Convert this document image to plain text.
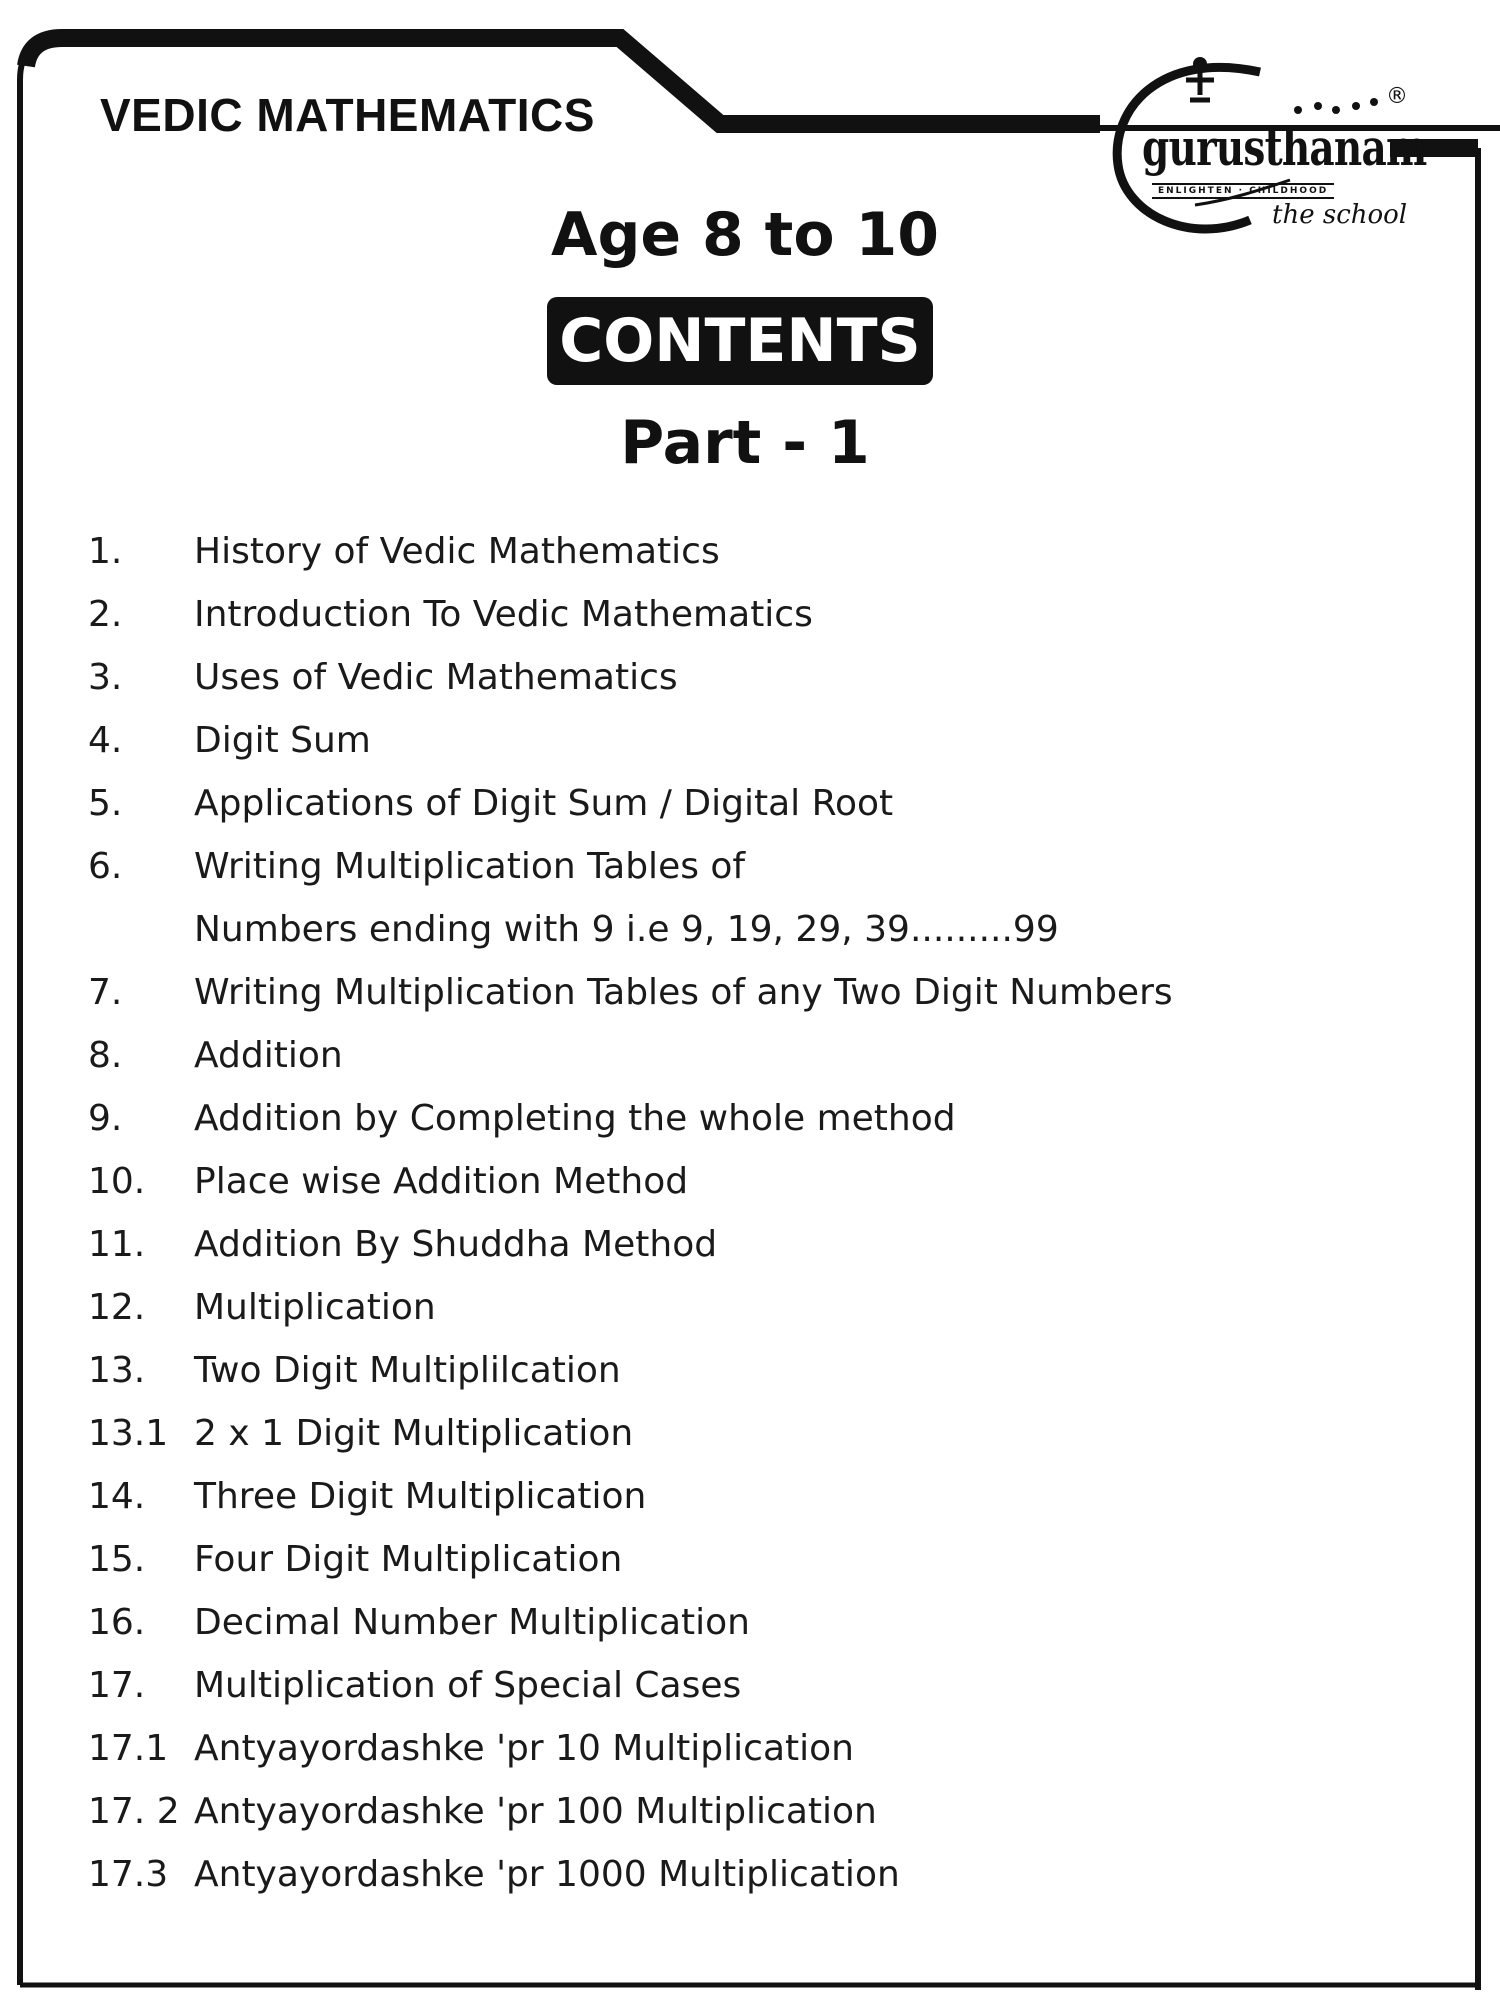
VEDIC MATHEMATICS
gurusthanam
ENLIGHTEN · CHILDHOOD
the school
®
Age 8 to 10
CONTENTS
Part - 1
1. History of Vedic Mathematics
2. Introduction To Vedic Mathematics
3. Uses of Vedic Mathematics
4. Digit Sum
5. Applications of Digit Sum / Digital Root
6. Writing Multiplication Tables of
Numbers ending with 9 i.e 9, 19, 29, 39.........99
7. Writing Multiplication Tables of any Two Digit Numbers
8. Addition
9. Addition by Completing the whole method
10. Place wise Addition Method
11. Addition By Shuddha Method
12. Multiplication
13. Two Digit Multiplilcation
13.1 2 x 1 Digit Multiplication
14. Three Digit Multiplication
15. Four Digit Multiplication
16. Decimal Number Multiplication
17. Multiplication of Special Cases
17.1 Antyayordashke 'pr 10 Multiplication
17. 2 Antyayordashke 'pr 100 Multiplication
17.3 Antyayordashke 'pr 1000 Multiplication
